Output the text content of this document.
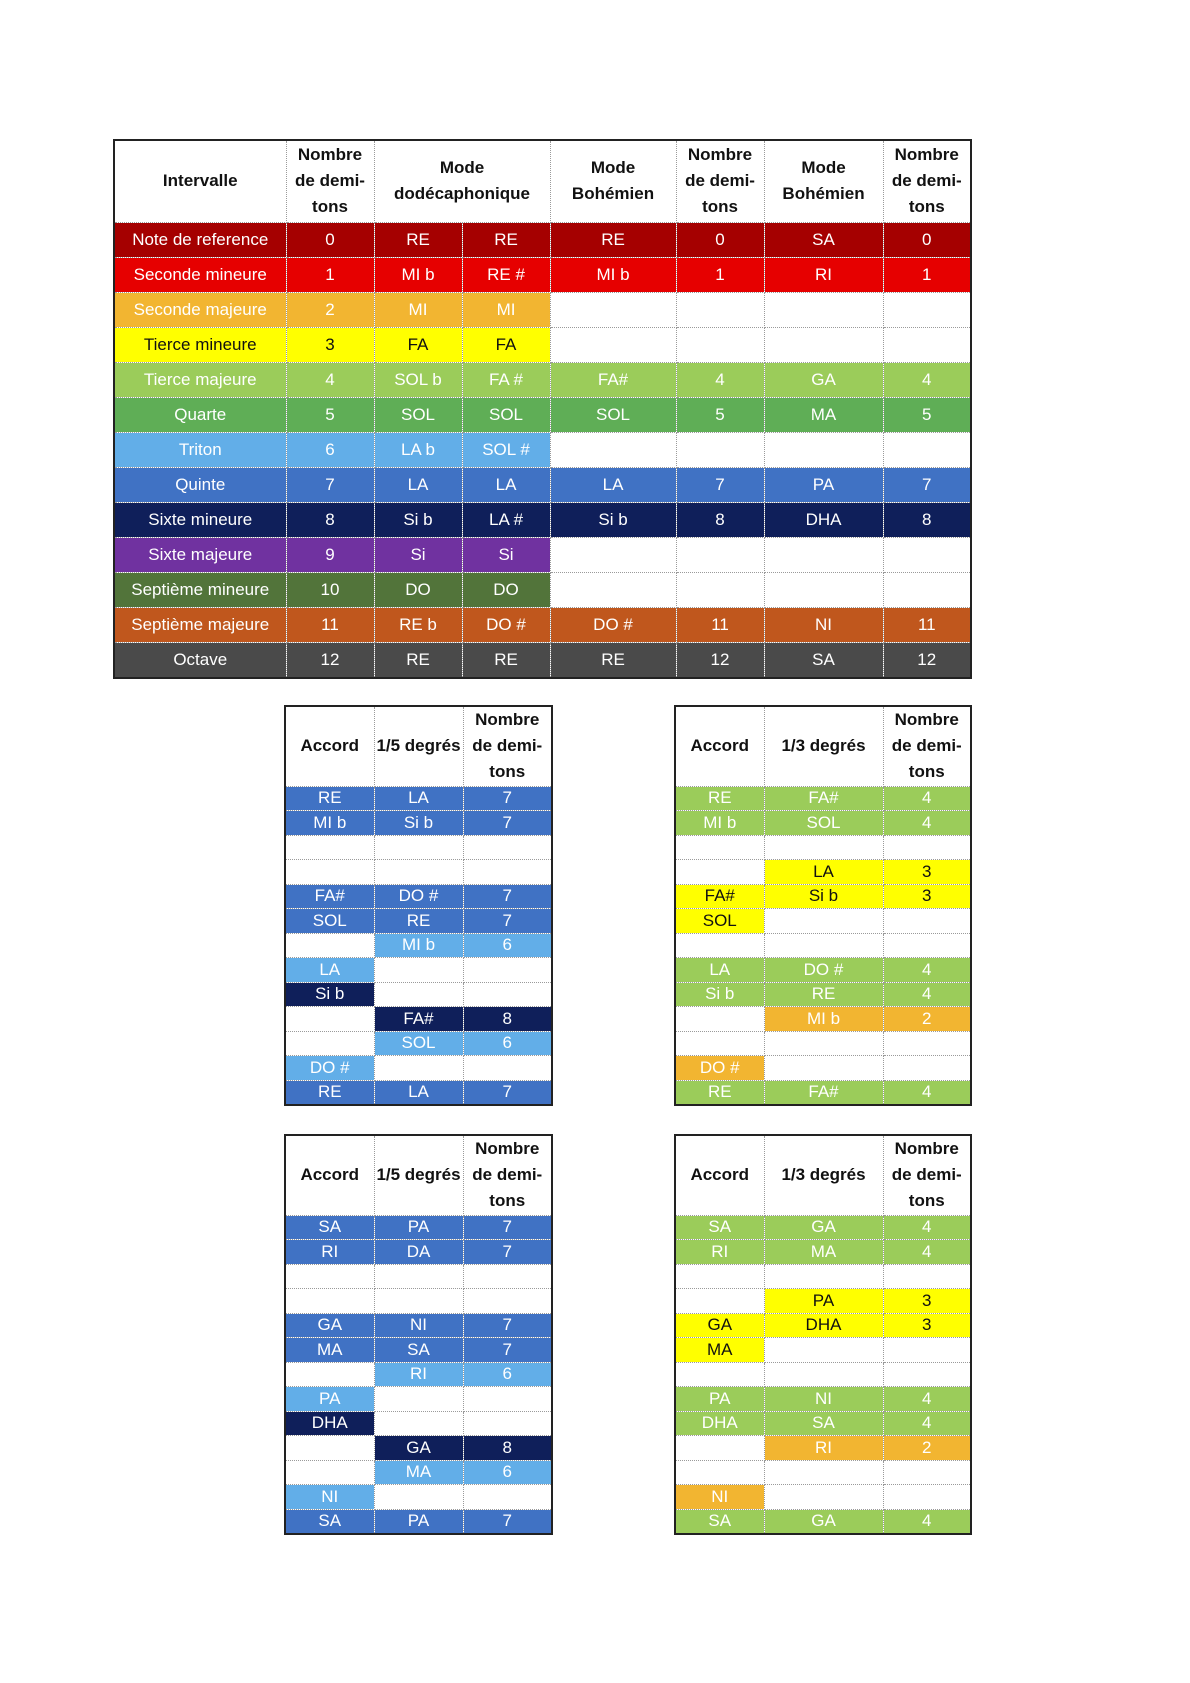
Intervalle	Nombre de demi-tons	Mode dodécaphonique		Mode Bohémien	Nombre de demi-tons	Mode Bohémien	Nombre de demi-tons
Note de reference	0	RE	RE	RE	0	SA	0
Seconde mineure	1	MI b	RE #	MI b	1	RI	1
Seconde majeure	2	MI	MI				
Tierce mineure	3	FA	FA				
Tierce majeure	4	SOL b	FA #	FA#	4	GA	4
Quarte	5	SOL	SOL	SOL	5	MA	5
Triton	6	LA b	SOL #				
Quinte	7	LA	LA	LA	7	PA	7
Sixte mineure	8	Si b	LA #	Si b	8	DHA	8
Sixte majeure	9	Si	Si				
Septième mineure	10	DO	DO				
Septième majeure	11	RE b	DO #	DO #	11	NI	11
Octave	12	RE	RE	RE	12	SA	12
Accord	1/5 degrés	Nombre de demi-tons
RE	LA	7
MI b	Si b	7

FA#	DO #	7
SOL	RE	7
	MI b	6
LA		
Si b		
	FA#	8
	SOL	6
DO #		
RE	LA	7
Accord	1/3 degrés	Nombre de demi-tons
RE	FA#	4
MI b	SOL	4

	LA	3
FA#	Si b	3
SOL		

LA	DO #	4
Si b	RE	4
	MI b	2

DO #		
RE	FA#	4
Accord	1/5 degrés	Nombre de demi-tons
SA	PA	7
RI	DA	7

GA	NI	7
MA	SA	7
	RI	6
PA		
DHA		
	GA	8
	MA	6
NI		
SA	PA	7
Accord	1/3 degrés	Nombre de demi-tons
SA	GA	4
RI	MA	4

	PA	3
GA	DHA	3
MA		

PA	NI	4
DHA	SA	4
	RI	2

NI		
SA	GA	4
